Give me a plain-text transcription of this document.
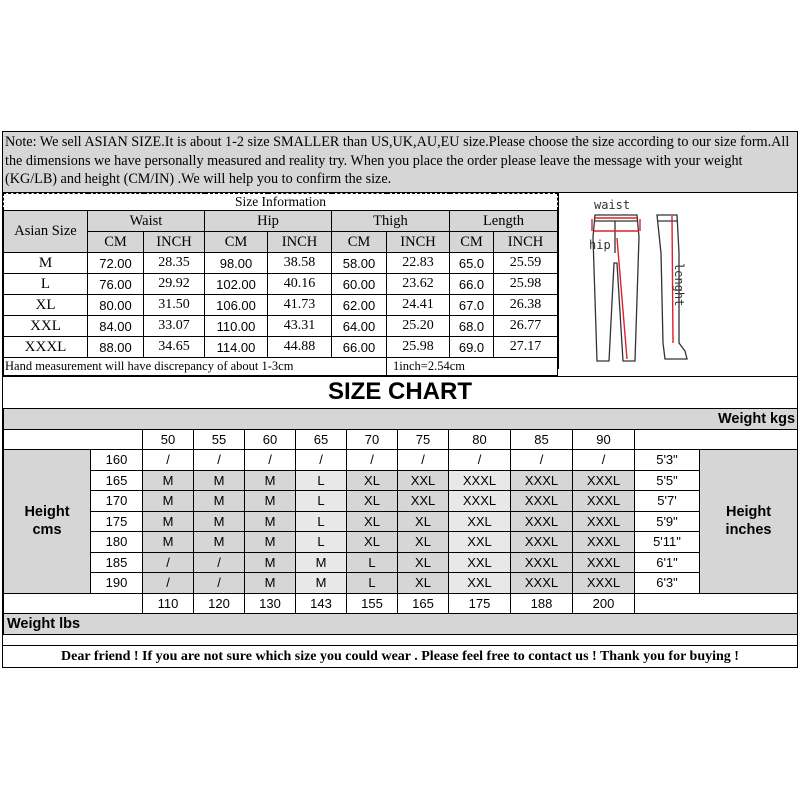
Note: We sell ASIAN SIZE.It is about 1-2 size SMALLER than US,UK,AU,EU size.Please choose the size according to our size form.All the dimensions we have personally measured and reality try. When you place the order please leave the message with your weight (KG/LB) and height (CM/IN) .We will help you to confirm the size.
Size Information								
Asian Size	Waist		Hip		Thigh		Length	
	CM	INCH	CM	INCH	CM	INCH	CM	INCH
M	72.00	28.35	98.00	38.58	58.00	22.83	65.0	25.59
L	76.00	29.92	102.00	40.16	60.00	23.62	66.0	25.98
XL	80.00	31.50	106.00	41.73	62.00	24.41	67.0	26.38
XXL	84.00	33.07	110.00	43.31	64.00	25.20	68.0	26.77
XXXL	88.00	34.65	114.00	44.88	66.00	25.98	69.0	27.17
Hand measurement will have discrepancy of about 1-3cm						1inch=2.54cm		
waist
hip
lenght
SIZE CHART
Weight kgs												
		50	55	60	65	70	75	80	85	90		
Height
cms	160	/	/	/	/	/	/	/	/	/	5'3"	Height
inches
	165	M	M	M	L	XL	XXL	XXXL	XXXL	XXXL	5'5"	
	170	M	M	M	L	XL	XXL	XXXL	XXXL	XXXL	5'7'	
	175	M	M	M	L	XL	XL	XXL	XXXL	XXXL	5'9"	
	180	M	M	M	L	XL	XL	XXL	XXXL	XXXL	5'11"	
	185	/	/	M	M	L	XL	XXL	XXXL	XXXL	6'1"	
	190	/	/	M	M	L	XL	XXL	XXXL	XXXL	6'3"	
		110	120	130	143	155	165	175	188	200		
Weight lbs												
Dear friend ! If you are not sure which size you could wear . Please feel free to contact us ! Thank you for buying !
